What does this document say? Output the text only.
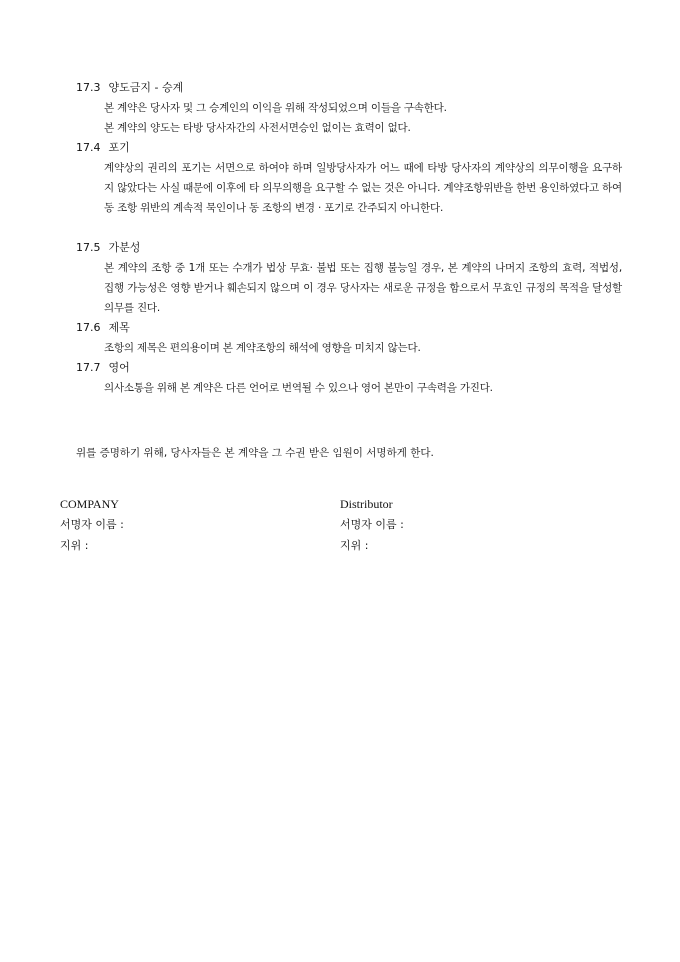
17.3 양도금지 - 승계
본 계약은 당사자 및 그 승계인의 이익을 위해 작성되었으며 이들을 구속한다.
본 계약의 양도는 타방 당사자간의 사전서면승인 없이는 효력이 없다.
17.4 포기
계약상의 권리의 포기는 서면으로 하여야 하며 일방당사자가 어느 때에 타방 당사자의 계약상의 의무이행을 요구하지 않았다는 사실 때문에 이후에 타 의무의행을 요구할 수 없는 것은 아니다. 계약조항위반을 한번 용인하였다고 하여 동 조항 위반의 계속적 묵인이나 동 조항의 변경 · 포기로 간주되지 아니한다.
17.5 가분성
본 계약의 조항 중 1개 또는 수개가 법상 무효· 불법 또는 집행 불능일 경우, 본 계약의 나머지 조항의 효력, 적법성, 집행 가능성은 영향 받거나 훼손되지 않으며 이 경우 당사자는 새로운 규정을 함으로서 무효인 규정의 목적을 달성할 의무를 진다.
17.6 제목
조항의 제목은 편의용이며 본 계약조항의 해석에 영향을 미치지 않는다.
17.7 영어
의사소통을 위해 본 계약은 다른 언어로 번역될 수 있으나 영어 본만이 구속력을 가진다.
위를 증명하기 위해, 당사자들은 본 계약을 그 수권 받은 임원이 서명하게 한다.
COMPANY
서명자 이름 :
지위 :
Distributor
서명자 이름 :
지위 :
